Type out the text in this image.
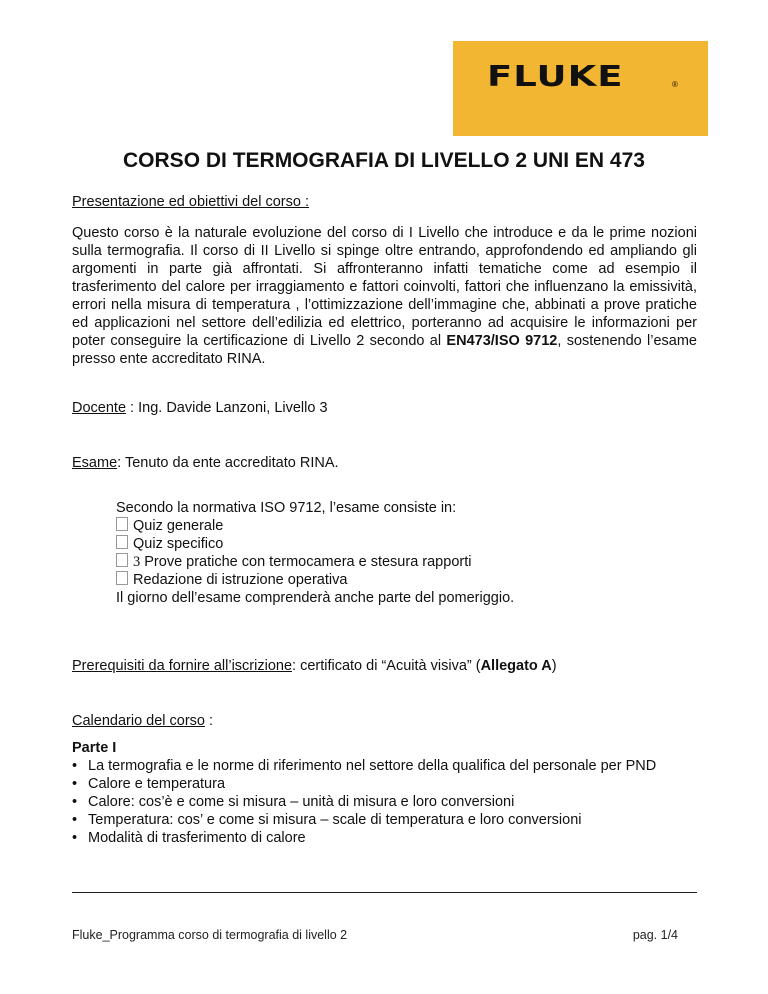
FLUKE	®
CORSO DI TERMOGRAFIA DI LIVELLO 2 UNI EN 473
Presentazione ed obiettivi del corso :

Questo corso è la naturale evoluzione del corso di I Livello che introduce e da le prime nozioni sulla termografia. Il corso di II Livello si spinge oltre entrando, approfondendo ed ampliando gli argomenti in parte già affrontati. Si affronteranno infatti tematiche come ad esempio il trasferimento del calore per irraggiamento e fattori coinvolti, fattori che influenzano la emissività, errori nella misura di temperatura , l’ottimizzazione dell’immagine che, abbinati a prove pratiche ed applicazioni nel settore dell’edilizia ed elettrico, porteranno ad acquisire le informazioni per poter conseguire la certificazione di Livello 2 secondo al EN473/ISO 9712, sostenendo l’esame presso ente accreditato RINA.

Docente : Ing. Davide Lanzoni, Livello 3
Esame: Tenuto da ente accreditato RINA.
Secondo la normativa ISO 9712, l’esame consiste in:
Quiz generale
Quiz specifico
3 Prove pratiche con termocamera e stesura rapporti
Redazione di istruzione operativa
Il giorno dell’esame comprenderà anche parte del pomeriggio.
Prerequisiti da fornire all’iscrizione: certificato di “Acuità visiva” (Allegato A)
Calendario del corso :
Parte I
• La termografia e le norme di riferimento nel settore della qualifica del personale per PND
• Calore e temperatura
• Calore: cos’è e come si misura – unità di misura e loro conversioni
• Temperatura: cos’ e come si misura – scale di temperatura e loro conversioni
• Modalità di trasferimento di calore
Fluke_Programma corso di termografia di livello 2	pag. 1/4
